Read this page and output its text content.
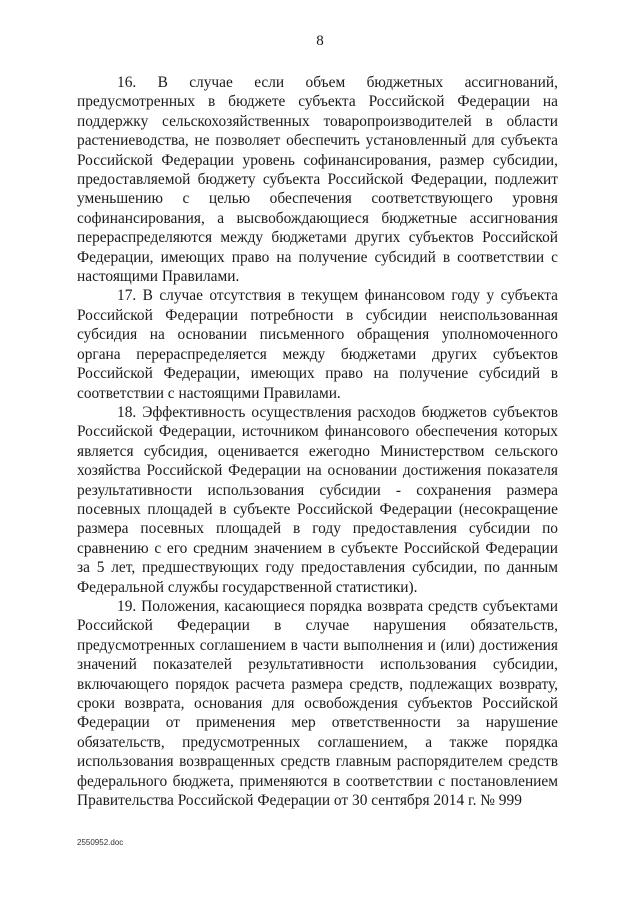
8

16. В случае если объем бюджетных ассигнований, предусмотренных в бюджете субъекта Российской Федерации на поддержку сельскохозяйственных товаропроизводителей в области растениеводства, не позволяет обеспечить установленный для субъекта Российской Федерации уровень софинансирования, размер субсидии, предоставляемой бюджету субъекта Российской Федерации, подлежит уменьшению с целью обеспечения соответствующего уровня софинансирования, а высвобождающиеся бюджетные ассигнования перераспределяются между бюджетами других субъектов Российской Федерации, имеющих право на получение субсидий в соответствии с настоящими Правилами.

17. В случае отсутствия в текущем финансовом году у субъекта Российской Федерации потребности в субсидии неиспользованная субсидия на основании письменного обращения уполномоченного органа перераспределяется между бюджетами других субъектов Российской Федерации, имеющих право на получение субсидий в соответствии с настоящими Правилами.

18. Эффективность осуществления расходов бюджетов субъектов Российской Федерации, источником финансового обеспечения которых является субсидия, оценивается ежегодно Министерством сельского хозяйства Российской Федерации на основании достижения показателя результативности использования субсидии - сохранения размера посевных площадей в субъекте Российской Федерации (несокращение размера посевных площадей в году предоставления субсидии по сравнению с его средним значением в субъекте Российской Федерации за 5 лет, предшествующих году предоставления субсидии, по данным Федеральной службы государственной статистики).

19. Положения, касающиеся порядка возврата средств субъектами Российской Федерации в случае нарушения обязательств, предусмотренных соглашением в части выполнения и (или) достижения значений показателей результативности использования субсидии, включающего порядок расчета размера средств, подлежащих возврату, сроки возврата, основания для освобождения субъектов Российской Федерации от применения мер ответственности за нарушение обязательств, предусмотренных соглашением, а также порядка использования возвращенных средств главным распорядителем средств федерального бюджета, применяются в соответствии с постановлением Правительства Российской Федерации от 30 сентября 2014 г. № 999

2550952.doc
